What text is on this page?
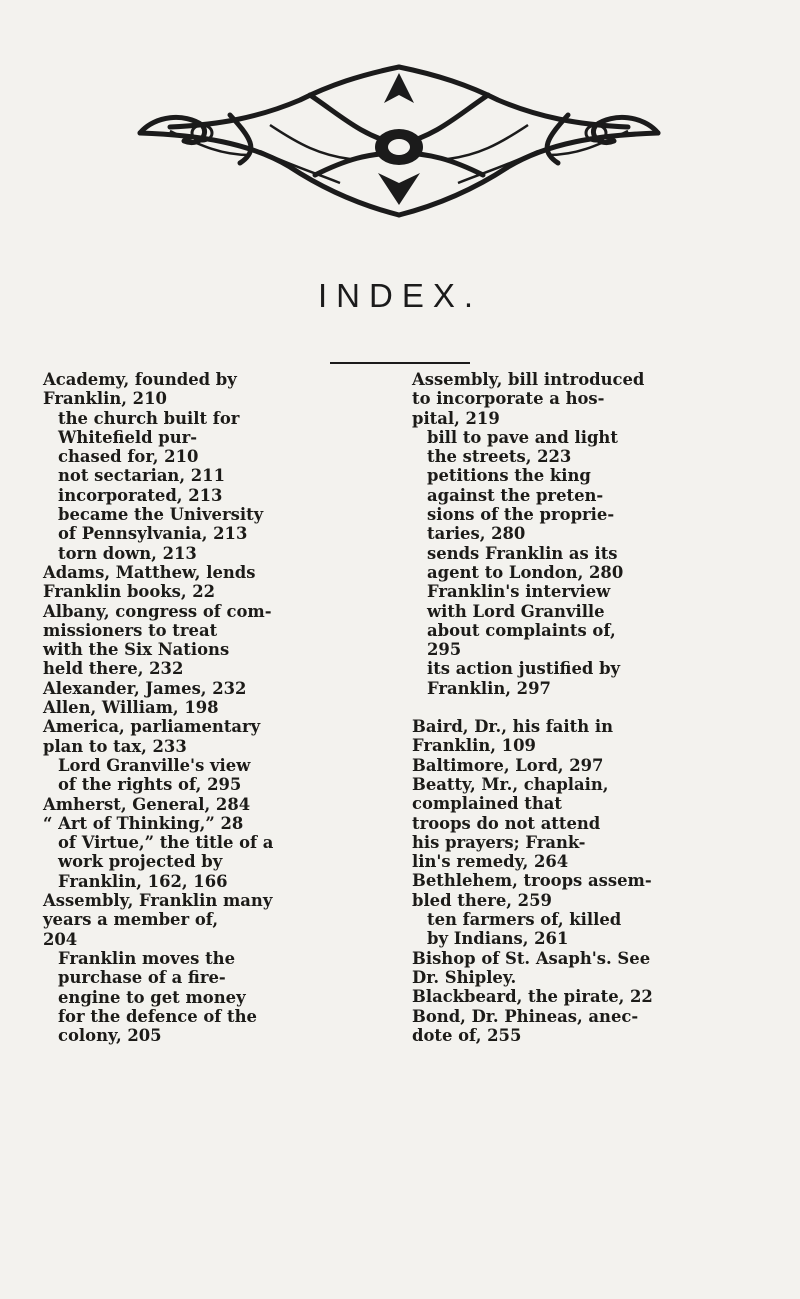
INDEX.
Academy, founded by
Franklin, 210
the church built for
Whitefield pur-
chased for, 210
not sectarian, 211
incorporated, 213
became the University
of Pennsylvania, 213
torn down, 213
Adams, Matthew, lends
Franklin books, 22
Albany, congress of com-
missioners to treat
with the Six Nations
held there, 232
Alexander, James, 232
Allen, William, 198
America, parliamentary
plan to tax, 233
Lord Granville's view
of the rights of, 295
Amherst, General, 284
“ Art of Thinking,” 28
of Virtue,” the title of a
work projected by
Franklin, 162, 166
Assembly, Franklin many
years a member of,
204
Franklin moves the
purchase of a fire-
engine to get money
for the defence of the
colony, 205
Assembly, bill introduced
to incorporate a hos-
pital, 219
bill to pave and light
the streets, 223
petitions the king
against the preten-
sions of the proprie-
taries, 280
sends Franklin as its
agent to London, 280
Franklin's interview
with Lord Granville
about complaints of,
295
its action justified by
Franklin, 297
Baird, Dr., his faith in
Franklin, 109
Baltimore, Lord, 297
Beatty, Mr., chaplain,
complained that
troops do not attend
his prayers; Frank-
lin's remedy, 264
Bethlehem, troops assem-
bled there, 259
ten farmers of, killed
by Indians, 261
Bishop of St. Asaph's. See
Dr. Shipley.
Blackbeard, the pirate, 22
Bond, Dr. Phineas, anec-
dote of, 255
